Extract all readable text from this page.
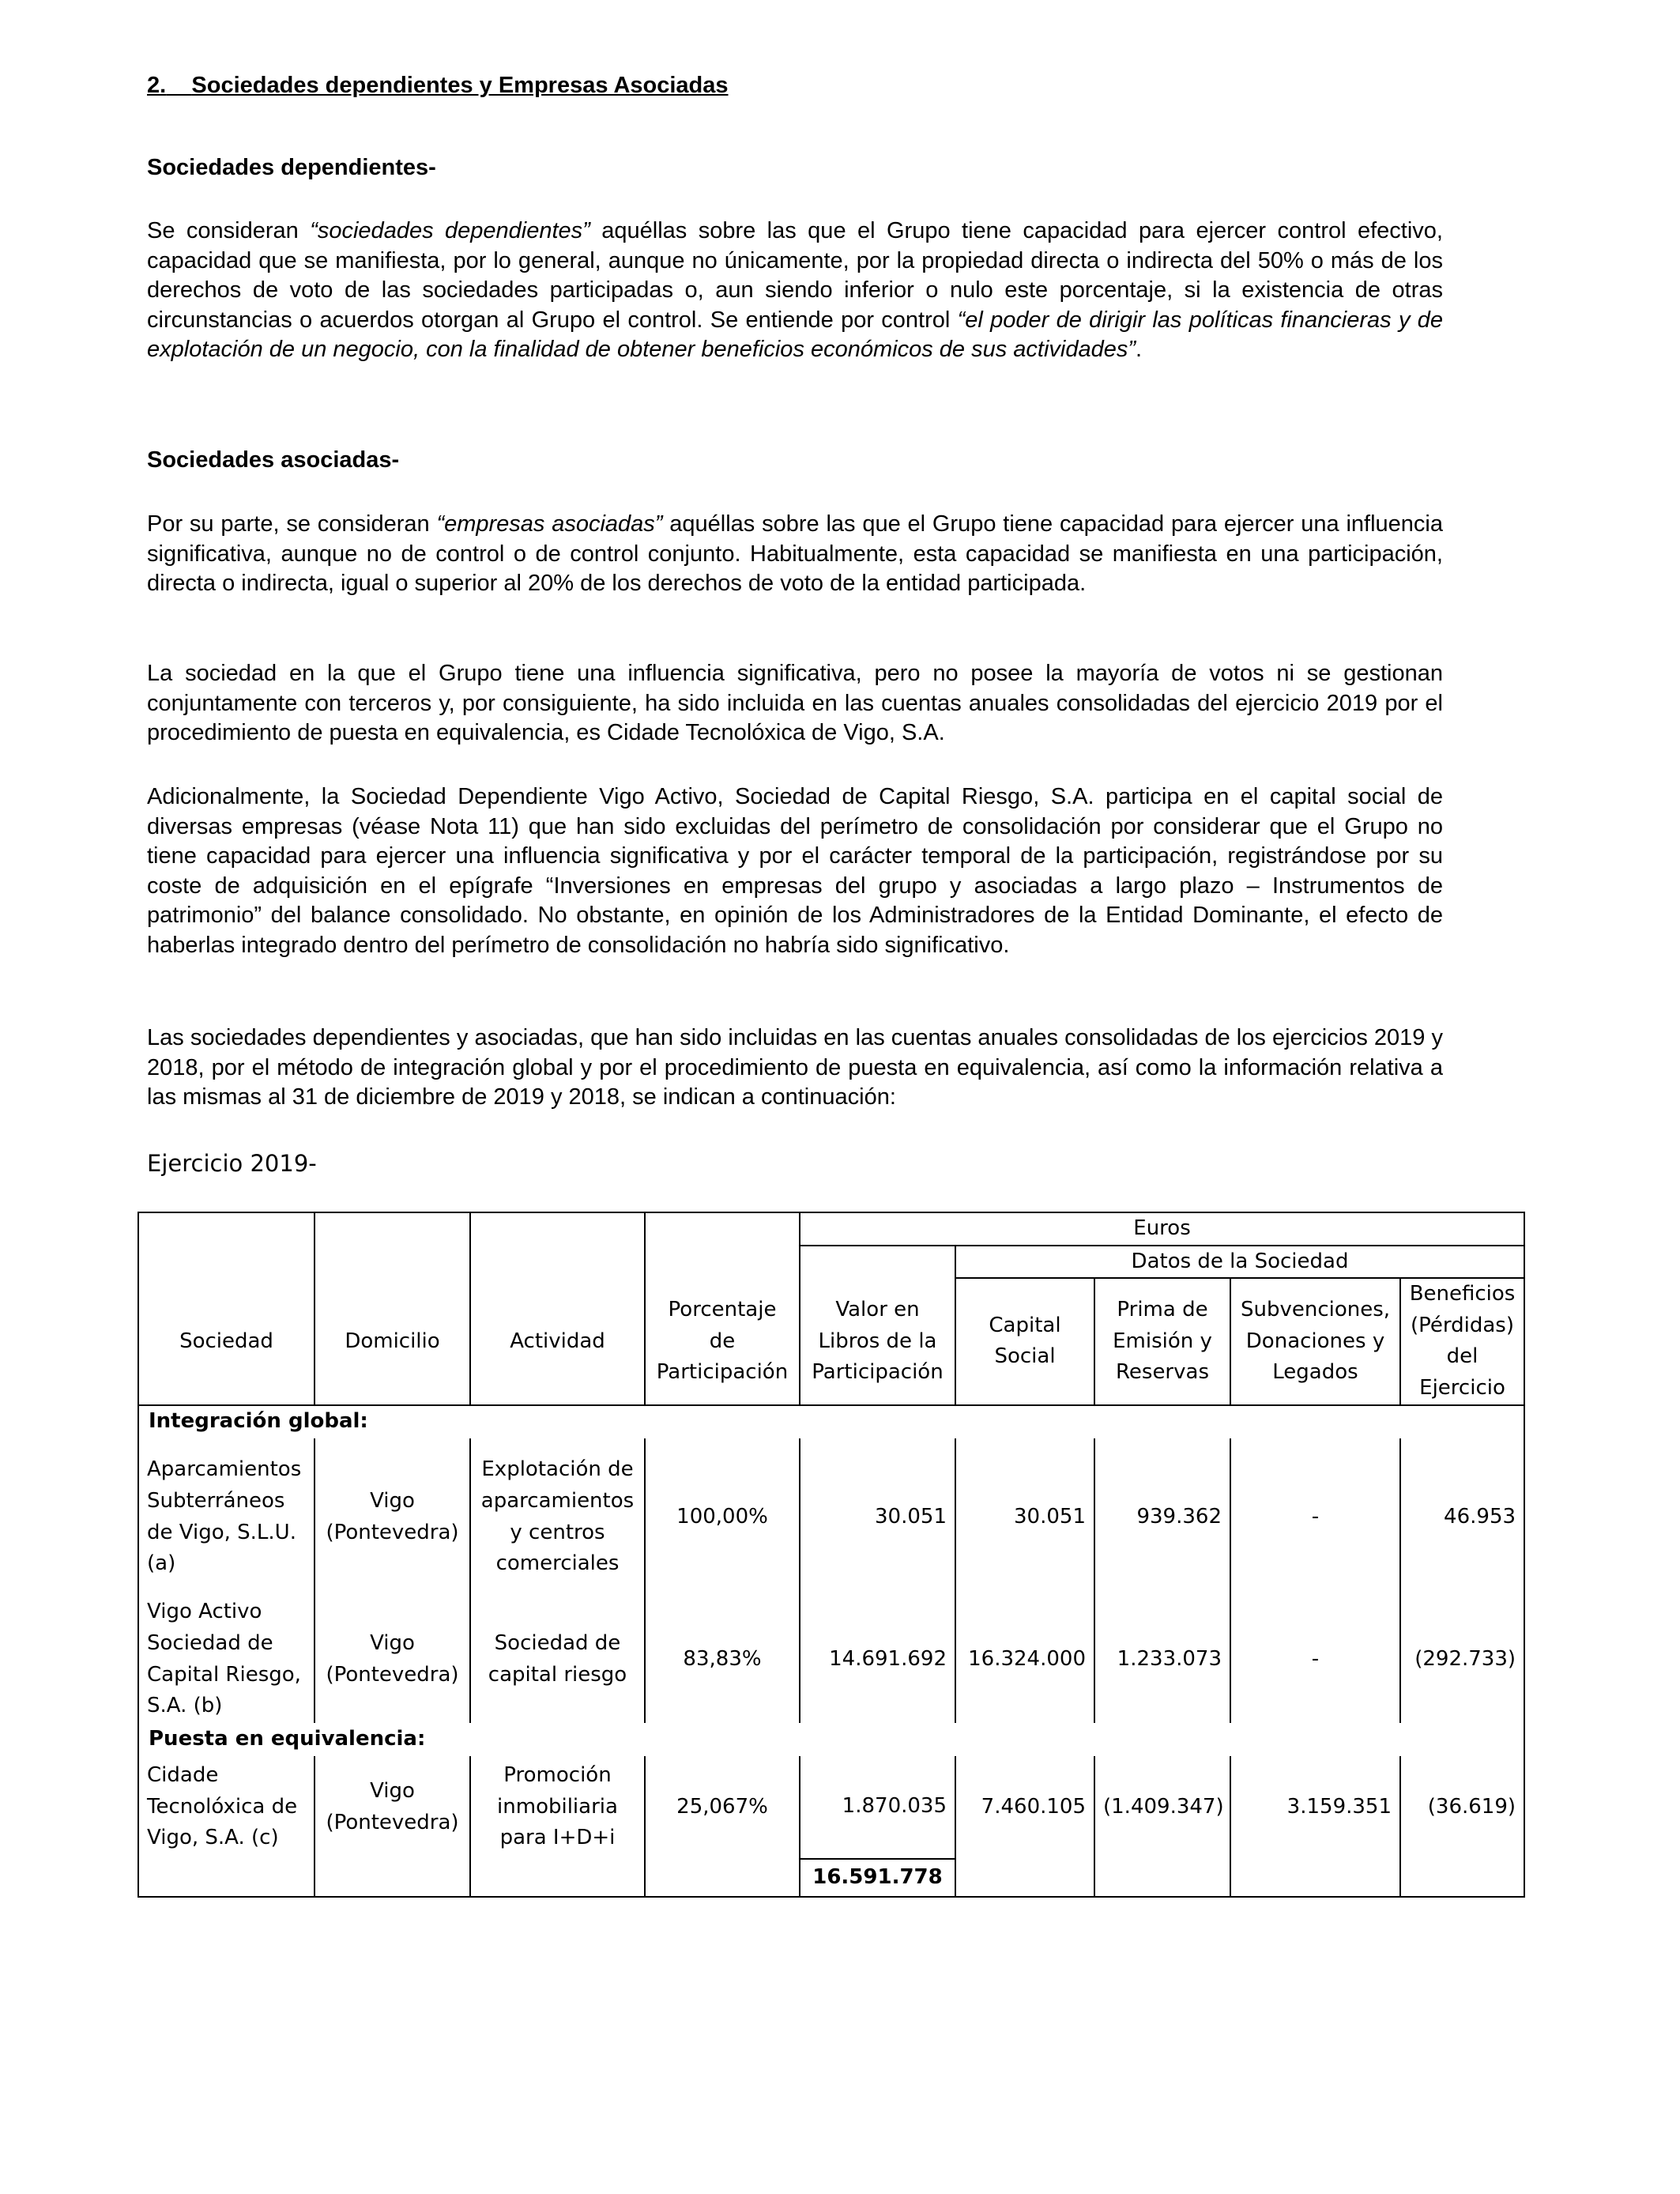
2. Sociedades dependientes y Empresas Asociadas
Sociedades dependientes-

Se consideran “sociedades dependientes” aquéllas sobre las que el Grupo tiene capacidad para ejercer control efectivo, capacidad que se manifiesta, por lo general, aunque no únicamente, por la propiedad directa o indirecta del 50% o más de los derechos de voto de las sociedades participadas o, aun siendo inferior o nulo este porcentaje, si la existencia de otras circunstancias o acuerdos otorgan al Grupo el control. Se entiende por control “el poder de dirigir las políticas financieras y de explotación de un negocio, con la finalidad de obtener beneficios económicos de sus actividades”.

Sociedades asociadas-

Por su parte, se consideran “empresas asociadas” aquéllas sobre las que el Grupo tiene capacidad para ejercer una influencia significativa, aunque no de control o de control conjunto. Habitualmente, esta capacidad se manifiesta en una participación, directa o indirecta, igual o superior al 20% de los derechos de voto de la entidad participada.

La sociedad en la que el Grupo tiene una influencia significativa, pero no posee la mayoría de votos ni se gestionan conjuntamente con terceros y, por consiguiente, ha sido incluida en las cuentas anuales consolidadas del ejercicio 2019 por el procedimiento de puesta en equivalencia, es Cidade Tecnolóxica de Vigo, S.A.

Adicionalmente, la Sociedad Dependiente Vigo Activo, Sociedad de Capital Riesgo, S.A. participa en el capital social de diversas empresas (véase Nota 11) que han sido excluidas del perímetro de consolidación por considerar que el Grupo no tiene capacidad para ejercer una influencia significativa y por el carácter temporal de la participación, registrándose por su coste de adquisición en el epígrafe “Inversiones en empresas del grupo y asociadas a largo plazo – Instrumentos de patrimonio” del balance consolidado. No obstante, en opinión de los Administradores de la Entidad Dominante, el efecto de haberlas integrado dentro del perímetro de consolidación no habría sido significativo.

Las sociedades dependientes y asociadas, que han sido incluidas en las cuentas anuales consolidadas de los ejercicios 2019 y 2018, por el método de integración global y por el procedimiento de puesta en equivalencia, así como la información relativa a las mismas al 31 de diciembre de 2019 y 2018, se indican a continuación:

Ejercicio 2019-
				Euros				
					Datos de la Sociedad			

Sociedad	Domicilio	Actividad	Porcentaje de Participación	Valor en Libros de la Participación	Capital Social	Prima de Emisión y Reservas	Subvenciones, Donaciones y Legados	Beneficios (Pérdidas) del Ejercicio
Integración global:								
Aparcamientos Subterráneos de Vigo, S.L.U. (a)	Vigo (Pontevedra)	Explotación de aparcamientos y centros comerciales	100,00%	30.051	30.051	939.362	-	46.953
Vigo Activo Sociedad de Capital Riesgo, S.A. (b)	Vigo (Pontevedra)	Sociedad de capital riesgo	83,83%	14.691.692	16.324.000	1.233.073	-	(292.733)
Puesta en equivalencia:								
Cidade Tecnolóxica de Vigo, S.A. (c)	Vigo (Pontevedra)	Promoción inmobiliaria para I+D+i	25,067%	1.870.035	7.460.105	(1.409.347)	3.159.351	(36.619)
				16.591.778				
